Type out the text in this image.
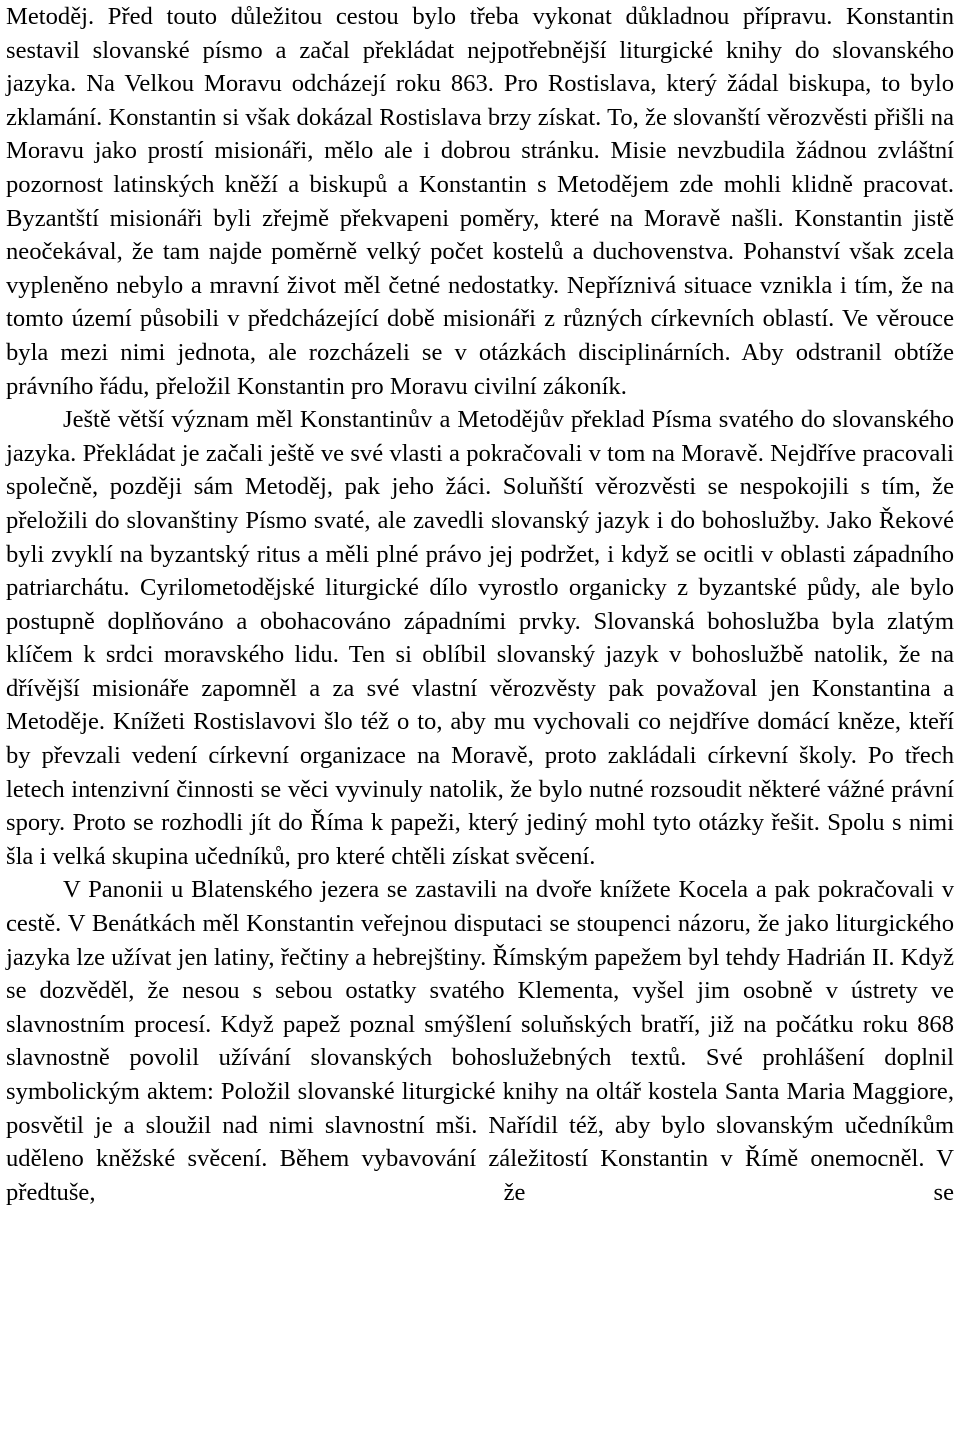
Metoděj. Před touto důležitou cestou bylo třeba vykonat důkladnou přípravu. Konstantin sestavil slovanské písmo a začal překládat nejpotřebnější liturgické knihy do slovanského jazyka. Na Velkou Moravu odcházejí roku 863. Pro Rostislava, který žádal biskupa, to bylo zklamání. Konstantin si však dokázal Rostislava brzy získat. To, že slovanští věrozvěsti přišli na Moravu jako prostí misionáři, mělo ale i dobrou stránku. Misie nevzbudila žádnou zvláštní pozornost latinských kněží a biskupů a Konstantin s Metodějem zde mohli klidně pracovat. Byzantští misionáři byli zřejmě překvapeni poměry, které na Moravě našli. Konstantin jistě neočekával, že tam najde poměrně velký počet kostelů a duchovenstva. Pohanství však zcela vypleněno nebylo a mravní život měl četné nedostatky. Nepříznivá situace vznikla i tím, že na tomto území působili v předcházející době misionáři z různých církevních oblastí. Ve věrouce byla mezi nimi jednota, ale rozcházeli se v otázkách disciplinárních. Aby odstranil obtíže právního řádu, přeložil Konstantin pro Moravu civilní zákoník.

Ještě větší význam měl Konstantinův a Metodějův překlad Písma svatého do slovanského jazyka. Překládat je začali ještě ve své vlasti a pokračovali v tom na Moravě. Nejdříve pracovali společně, později sám Metoděj, pak jeho žáci. Soluňští věrozvěsti se nespokojili s tím, že přeložili do slovanštiny Písmo svaté, ale zavedli slovanský jazyk i do bohoslužby. Jako Řekové byli zvyklí na byzantský ritus a měli plné právo jej podržet, i když se ocitli v oblasti západního patriarchátu. Cyrilometodějské liturgické dílo vyrostlo organicky z byzantské půdy, ale bylo postupně doplňováno a obohacováno západními prvky. Slovanská bohoslužba byla zlatým klíčem k srdci moravského lidu. Ten si oblíbil slovanský jazyk v bohoslužbě natolik, že na dřívější misionáře zapomněl a za své vlastní věrozvěsty pak považoval jen Konstantina a Metoděje. Knížeti Rostislavovi šlo též o to, aby mu vychovali co nejdříve domácí kněze, kteří by převzali vedení církevní organizace na Moravě, proto zakládali církevní školy. Po třech letech intenzivní činnosti se věci vyvinuly natolik, že bylo nutné rozsoudit některé vážné právní spory. Proto se rozhodli jít do Říma k papeži, který jediný mohl tyto otázky řešit. Spolu s nimi šla i velká skupina učedníků, pro které chtěli získat svěcení.

V Panonii u Blatenského jezera se zastavili na dvoře knížete Kocela a pak pokračovali v cestě. V Benátkách měl Konstantin veřejnou disputaci se stoupenci názoru, že jako liturgického jazyka lze užívat jen latiny, řečtiny a hebrejštiny. Římským papežem byl tehdy Hadrián II. Když se dozvěděl, že nesou s sebou ostatky svatého Klementa, vyšel jim osobně v ústrety ve slavnostním procesí. Když papež poznal smýšlení soluňských bratří, již na počátku roku 868 slavnostně povolil užívání slovanských bohoslužebných textů. Své prohlášení doplnil symbolickým aktem: Položil slovanské liturgické knihy na oltář kostela Santa Maria Maggiore, posvětil je a sloužil nad nimi slavnostní mši. Nařídil též, aby bylo slovanským učedníkům uděleno kněžské svěcení. Během vybavování záležitostí Konstantin v Římě onemocněl. V předtuše, že se
